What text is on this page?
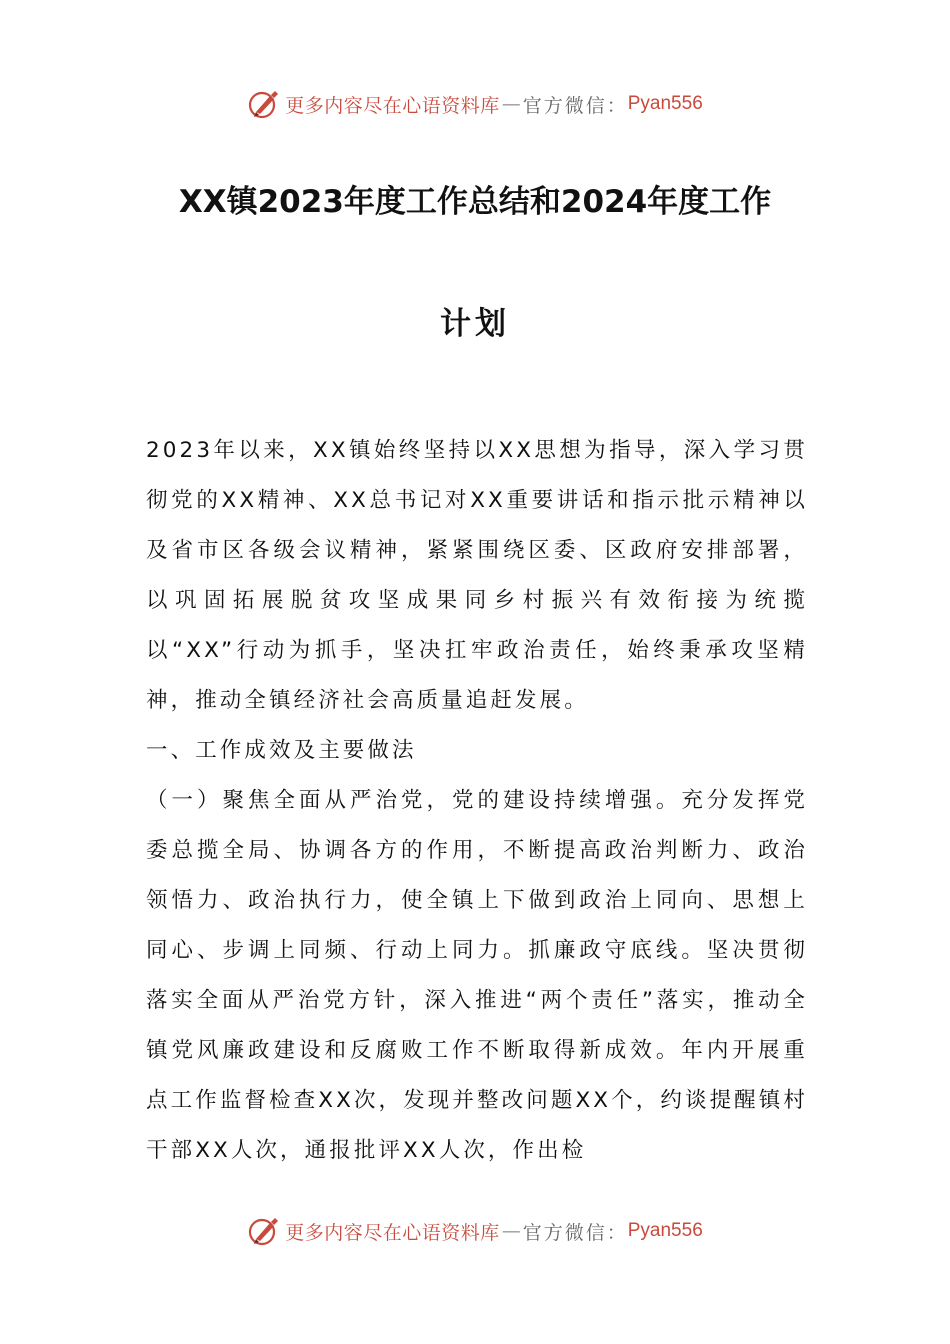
更多内容尽在心语资料库 — 官方微信： Pyan556
XX镇2023年度工作总结和2024年度工作
计划

2023年以来，XX镇始终坚持以XX思想为指导，深入学习贯彻党的XX精神、XX总书记对XX重要讲话和指示批示精神以及省市区各级会议精神，紧紧围绕区委、区政府安排部署，以巩固拓展脱贫攻坚成果同乡村振兴有效衔接为统揽以“XX”行动为抓手，坚决扛牢政治责任，始终秉承攻坚精神，推动全镇经济社会高质量追赶发展。

一、工作成效及主要做法

（一）聚焦全面从严治党，党的建设持续增强。充分发挥党委总揽全局、协调各方的作用，不断提高政治判断力、政治领悟力、政治执行力，使全镇上下做到政治上同向、思想上同心、步调上同频、行动上同力。抓廉政守底线。坚决贯彻落实全面从严治党方针，深入推进“两个责任”落实，推动全镇党风廉政建设和反腐败工作不断取得新成效。年内开展重点工作监督检查XX次，发现并整改问题XX个，约谈提醒镇村干部XX人次，通报批评XX人次，作出检

更多内容尽在心语资料库 — 官方微信： Pyan556
